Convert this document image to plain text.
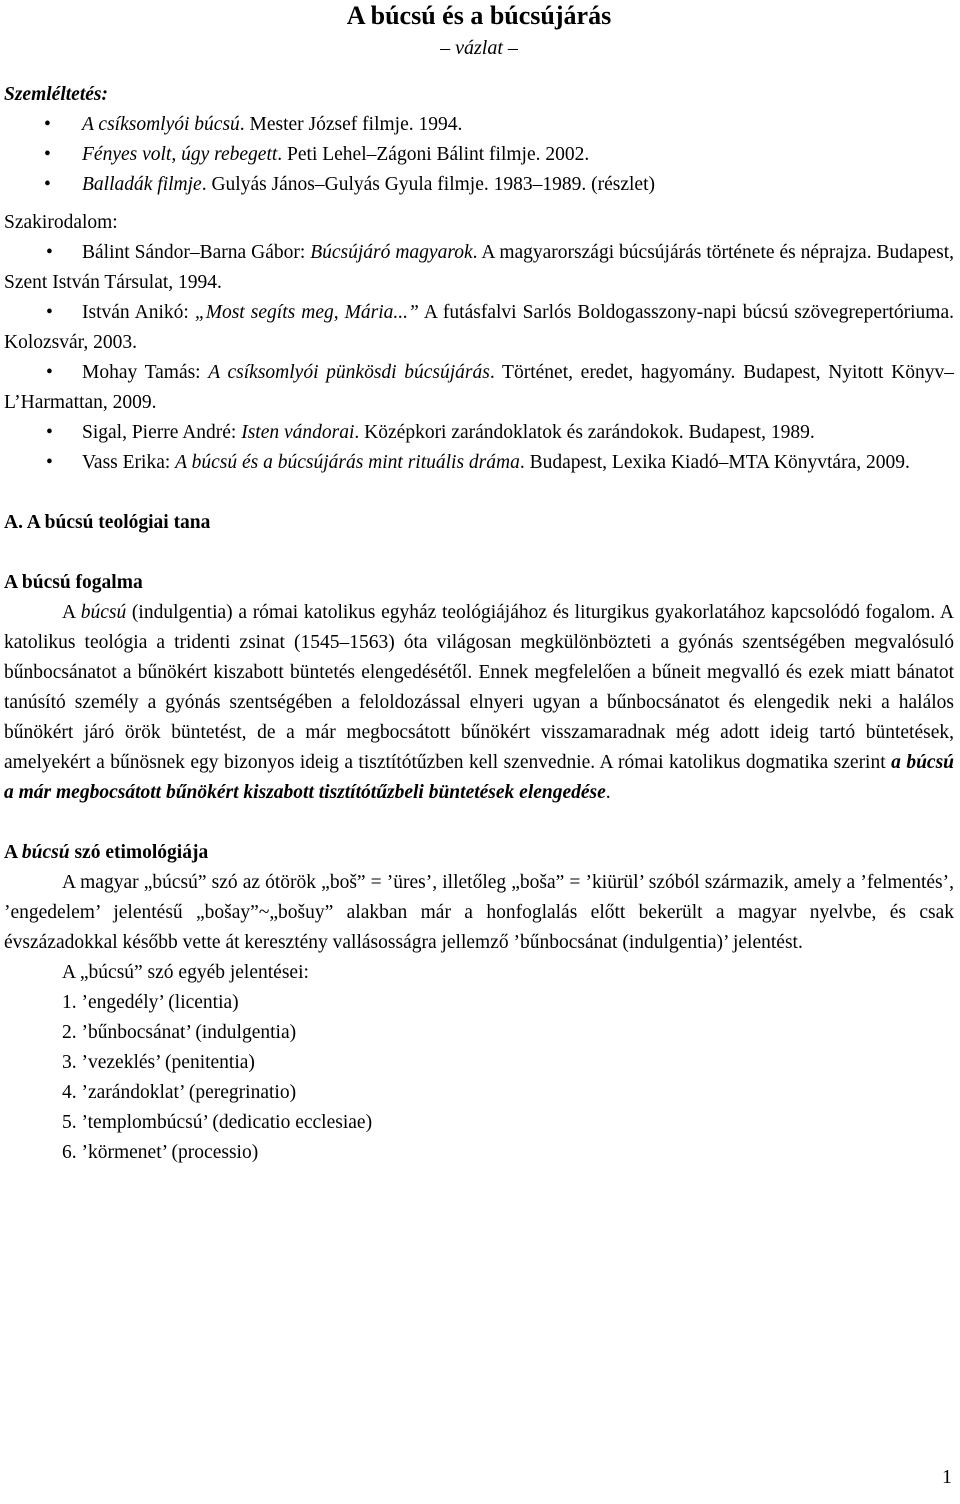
A búcsú és a búcsújárás
– vázlat –
Szemléltetés:
• A csíksomlyói búcsú. Mester József filmje. 1994.
• Fényes volt, úgy rebegett. Peti Lehel–Zágoni Bálint filmje. 2002.
• Balladák filmje. Gulyás János–Gulyás Gyula filmje. 1983–1989. (részlet)
Szakirodalom:
• Bálint Sándor–Barna Gábor: Búcsújáró magyarok. A magyarországi búcsújárás története és néprajza. Budapest, Szent István Társulat, 1994.
• István Anikó: „Most segíts meg, Mária...” A futásfalvi Sarlós Boldogasszony-napi búcsú szövegrepertóriuma. Kolozsvár, 2003.
• Mohay Tamás: A csíksomlyói pünkösdi búcsújárás. Történet, eredet, hagyomány. Budapest, Nyitott Könyv–L’Harmattan, 2009.
• Sigal, Pierre André: Isten vándorai. Középkori zarándoklatok és zarándokok. Budapest, 1989.
• Vass Erika: A búcsú és a búcsújárás mint rituális dráma. Budapest, Lexika Kiadó–MTA Könyvtára, 2009.
A. A búcsú teológiai tana
A búcsú fogalma

A búcsú (indulgentia) a római katolikus egyház teológiájához és liturgikus gyakorlatához kapcsolódó fogalom. A katolikus teológia a tridenti zsinat (1545–1563) óta világosan megkülönbözteti a gyónás szentségében megvalósuló bűnbocsánatot a bűnökért kiszabott büntetés elengedésétől. Ennek megfelelően a bűneit megvalló és ezek miatt bánatot tanúsító személy a gyónás szentségében a feloldozással elnyeri ugyan a bűnbocsánatot és elengedik neki a halálos bűnökért járó örök büntetést, de a már megbocsátott bűnökért visszamaradnak még adott ideig tartó büntetések, amelyekért a bűnösnek egy bizonyos ideig a tisztítótűzben kell szenvednie. A római katolikus dogmatika szerint a búcsú a már megbocsátott bűnökért kiszabott tisztítótűzbeli büntetések elengedése.

A búcsú szó etimológiája

A magyar „búcsú” szó az ótörök „boš” = ’üres’, illetőleg „boša” = ’kiürül’ szóból származik, amely a ’felmentés’, ’engedelem’ jelentésű „bošay”~„bošuy” alakban már a honfoglalás előtt bekerült a magyar nyelvbe, és csak évszázadokkal később vette át keresztény vallásosságra jellemző ’bűnbocsánat (indulgentia)’ jelentést.

A „búcsú” szó egyéb jelentései:

1. ’engedély’ (licentia)

2. ’bűnbocsánat’ (indulgentia)

3. ’vezeklés’ (penitentia)

4. ’zarándoklat’ (peregrinatio)

5. ’templombúcsú’ (dedicatio ecclesiae)

6. ’körmenet’ (processio)

1
